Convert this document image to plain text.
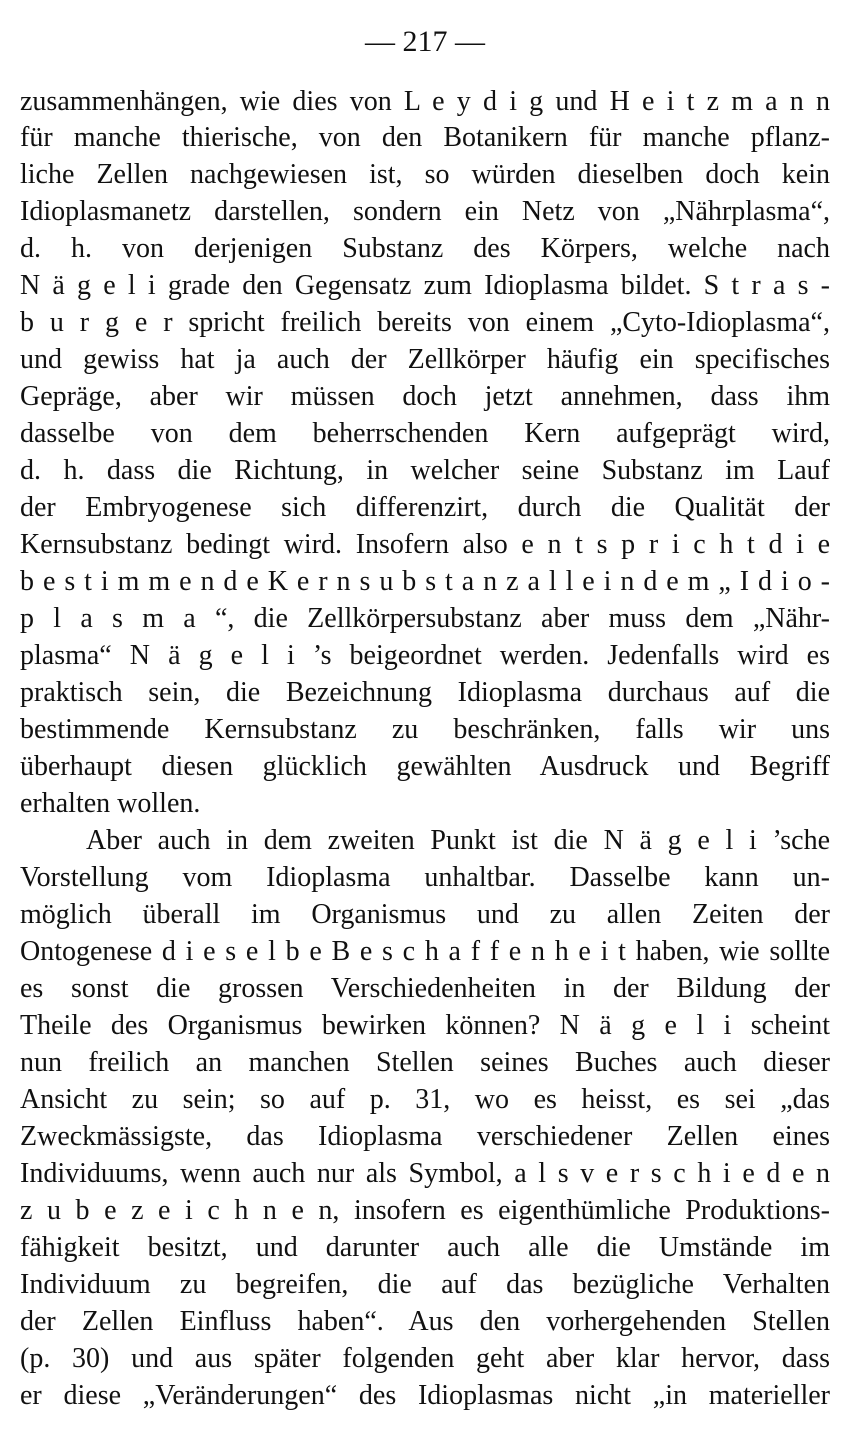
— 217 —
zusammenhängen, wie dies von L e y d i g und H e i t z m a n n
für manche thierische, von den Botanikern für manche pflanz-
liche Zellen nachgewiesen ist, so würden dieselben doch kein
Idioplasmanetz darstellen, sondern ein Netz von „Nährplasma“,
d. h. von derjenigen Substanz des Körpers, welche nach
N ä g e l i grade den Gegensatz zum Idioplasma bildet. S t r a s -
b u r g e r spricht freilich bereits von einem „Cyto-Idioplasma“,
und gewiss hat ja auch der Zellkörper häufig ein specifisches
Gepräge, aber wir müssen doch jetzt annehmen, dass ihm
dasselbe von dem beherrschenden Kern aufgeprägt wird,
d. h. dass die Richtung, in welcher seine Substanz im Lauf
der Embryogenese sich differenzirt, durch die Qualität der
Kernsubstanz bedingt wird. Insofern also e n t s p r i c h t d i e
b e s t i m m e n d e K e r n s u b s t a n z a l l e i n d e m „ I d i o -
p l a s m a “, die Zellkörpersubstanz aber muss dem „Nähr-
plasma“ N ä g e l i ’s beigeordnet werden. Jedenfalls wird es
praktisch sein, die Bezeichnung Idioplasma durchaus auf die
bestimmende Kernsubstanz zu beschränken, falls wir uns
überhaupt diesen glücklich gewählten Ausdruck und Begriff
erhalten wollen.
Aber auch in dem zweiten Punkt ist die N ä g e l i ’sche
Vorstellung vom Idioplasma unhaltbar. Dasselbe kann un-
möglich überall im Organismus und zu allen Zeiten der
Ontogenese d i e s e l b e B e s c h a f f e n h e i t haben, wie sollte
es sonst die grossen Verschiedenheiten in der Bildung der
Theile des Organismus bewirken können? N ä g e l i scheint
nun freilich an manchen Stellen seines Buches auch dieser
Ansicht zu sein; so auf p. 31, wo es heisst, es sei „das
Zweckmässigste, das Idioplasma verschiedener Zellen eines
Individuums, wenn auch nur als Symbol, a l s v e r s c h i e d e n
z u b e z e i c h n e n, insofern es eigenthümliche Produktions-
fähigkeit besitzt, und darunter auch alle die Umstände im
Individuum zu begreifen, die auf das bezügliche Verhalten
der Zellen Einfluss haben“. Aus den vorhergehenden Stellen
(p. 30) und aus später folgenden geht aber klar hervor, dass
er diese „Veränderungen“ des Idioplasmas nicht „in materieller
